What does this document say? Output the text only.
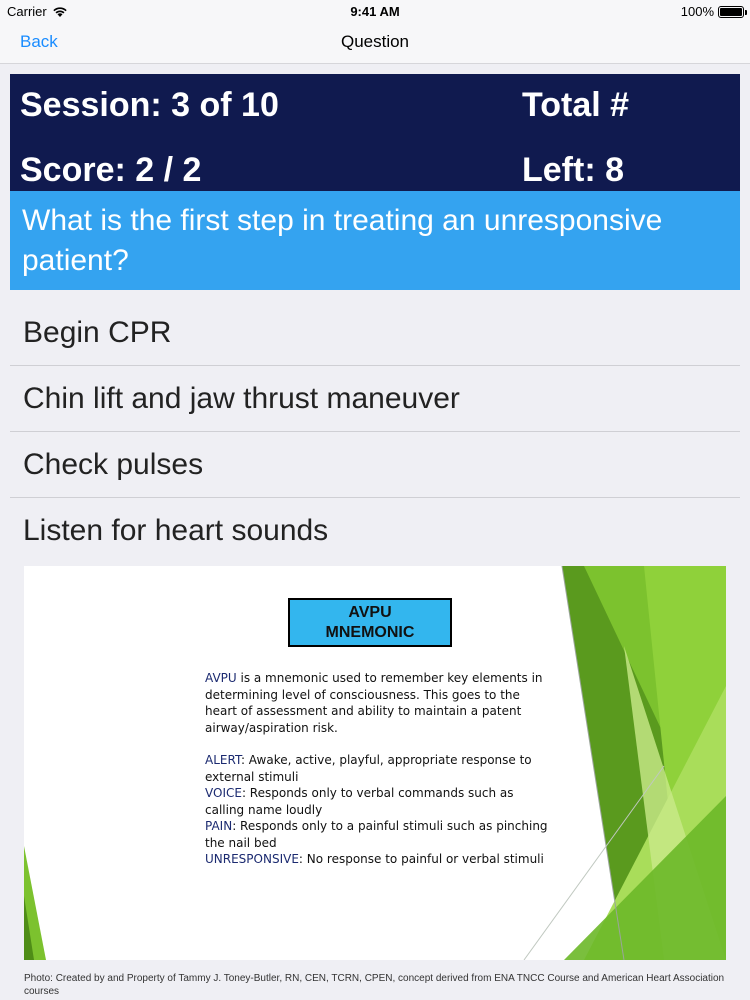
Carrier	9:41 AM	100%
Back	Question
Session: 3 of 10	Total #
Score: 2 / 2	Left: 8
What is the first step in treating an unresponsive patient?
Begin CPR
Chin lift and jaw thrust maneuver
Check pulses
Listen for heart sounds
AVPU
MNEMONIC

AVPU is a mnemonic used to remember key elements in determining level of consciousness. This goes to the heart of assessment and ability to maintain a patent airway/aspiration risk.

ALERT: Awake, active, playful, appropriate response to external stimuli
VOICE: Responds only to verbal commands such as calling name loudly
PAIN: Responds only to a painful stimuli such as pinching the nail bed
UNRESPONSIVE: No response to painful or verbal stimuli
Photo: Created by and Property of Tammy J. Toney-Butler, RN, CEN, TCRN, CPEN, concept derived from ENA TNCC Course and American Heart Association courses
